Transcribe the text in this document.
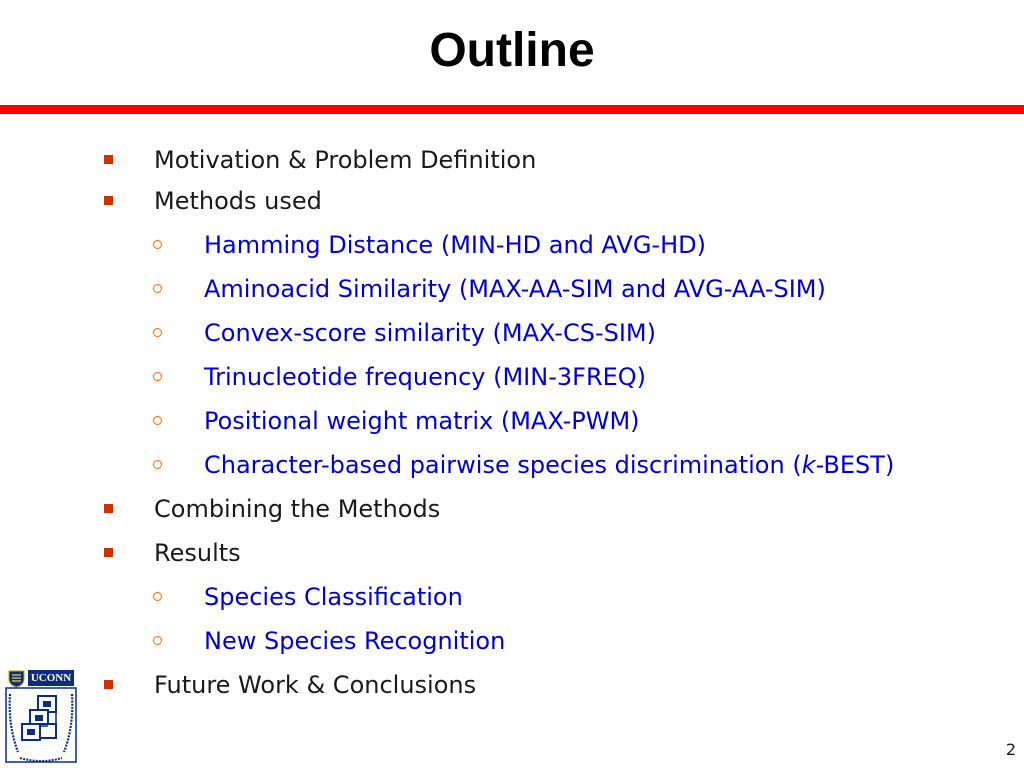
Outline
Motivation & Problem Definition
Methods used
Hamming Distance (MIN-HD and AVG-HD)
Aminoacid Similarity (MAX-AA-SIM and AVG-AA-SIM)
Convex-score similarity (MAX-CS-SIM)
Trinucleotide frequency (MIN-3FREQ)
Positional weight matrix (MAX-PWM)
Character-based pairwise species discrimination (k-BEST)
Combining the Methods
Results
Species Classification
New Species Recognition
Future Work & Conclusions
UCONN
2
